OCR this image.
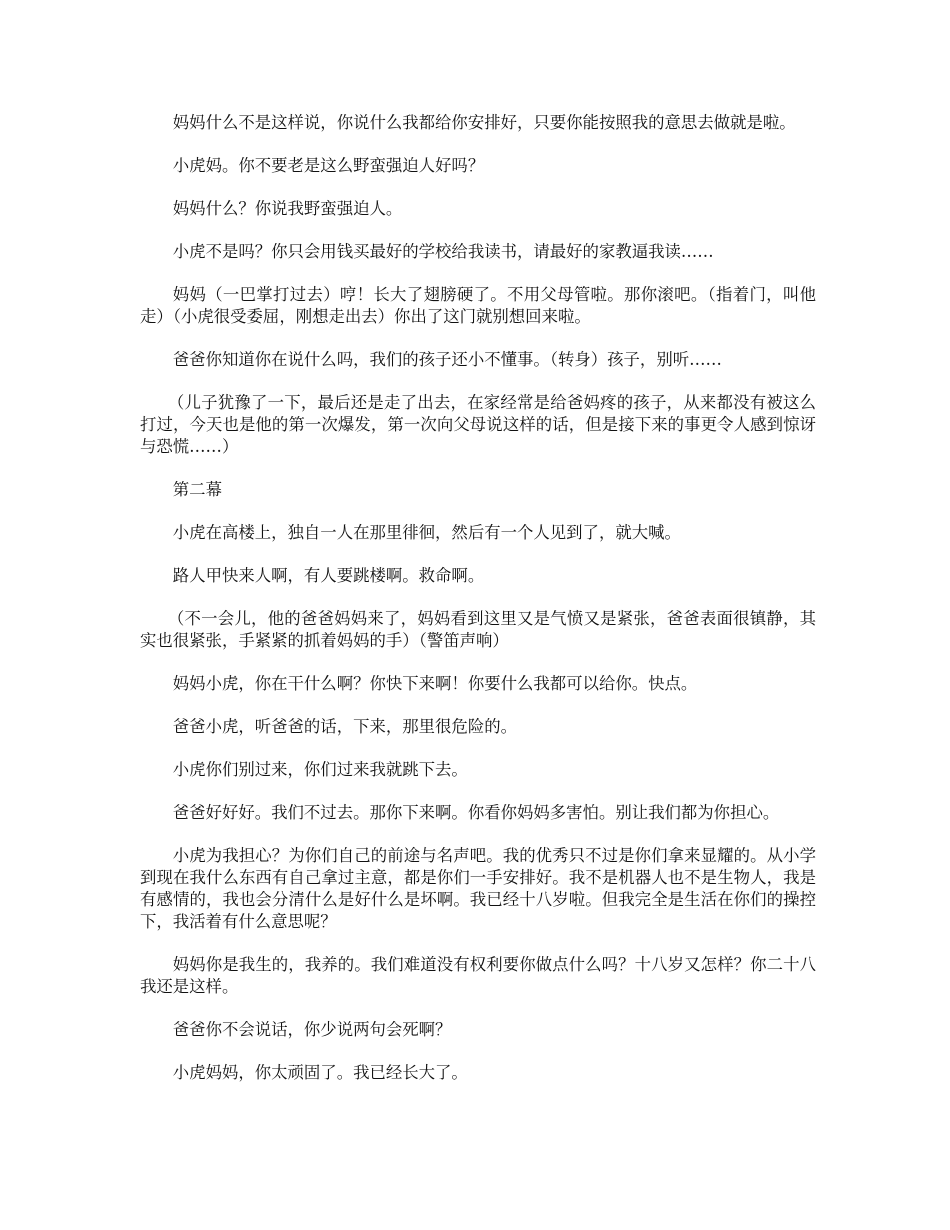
妈妈什么不是这样说，你说什么我都给你安排好，只要你能按照我的意思去做就是啦。

小虎妈。你不要老是这么野蛮强迫人好吗？

妈妈什么？你说我野蛮强迫人。

小虎不是吗？你只会用钱买最好的学校给我读书，请最好的家教逼我读……

妈妈（一巴掌打过去）哼！长大了翅膀硬了。不用父母管啦。那你滚吧。（指着门，叫他走）（小虎很受委屈，刚想走出去）你出了这门就别想回来啦。

爸爸你知道你在说什么吗，我们的孩子还小不懂事。（转身）孩子，别听……

（儿子犹豫了一下，最后还是走了出去，在家经常是给爸妈疼的孩子，从来都没有被这么打过，今天也是他的第一次爆发，第一次向父母说这样的话，但是接下来的事更令人感到惊讶与恐慌……）

第二幕

小虎在高楼上，独自一人在那里徘徊，然后有一个人见到了，就大喊。

路人甲快来人啊，有人要跳楼啊。救命啊。

（不一会儿，他的爸爸妈妈来了，妈妈看到这里又是气愤又是紧张，爸爸表面很镇静，其实也很紧张，手紧紧的抓着妈妈的手）（警笛声响）

妈妈小虎，你在干什么啊？你快下来啊！你要什么我都可以给你。快点。

爸爸小虎，听爸爸的话，下来，那里很危险的。

小虎你们别过来，你们过来我就跳下去。

爸爸好好好。我们不过去。那你下来啊。你看你妈妈多害怕。别让我们都为你担心。

小虎为我担心？为你们自己的前途与名声吧。我的优秀只不过是你们拿来显耀的。从小学到现在我什么东西有自己拿过主意，都是你们一手安排好。我不是机器人也不是生物人，我是有感情的，我也会分清什么是好什么是坏啊。我已经十八岁啦。但我完全是生活在你们的操控下，我活着有什么意思呢？

妈妈你是我生的，我养的。我们难道没有权利要你做点什么吗？十八岁又怎样？你二十八我还是这样。

爸爸你不会说话，你少说两句会死啊？

小虎妈妈，你太顽固了。我已经长大了。
